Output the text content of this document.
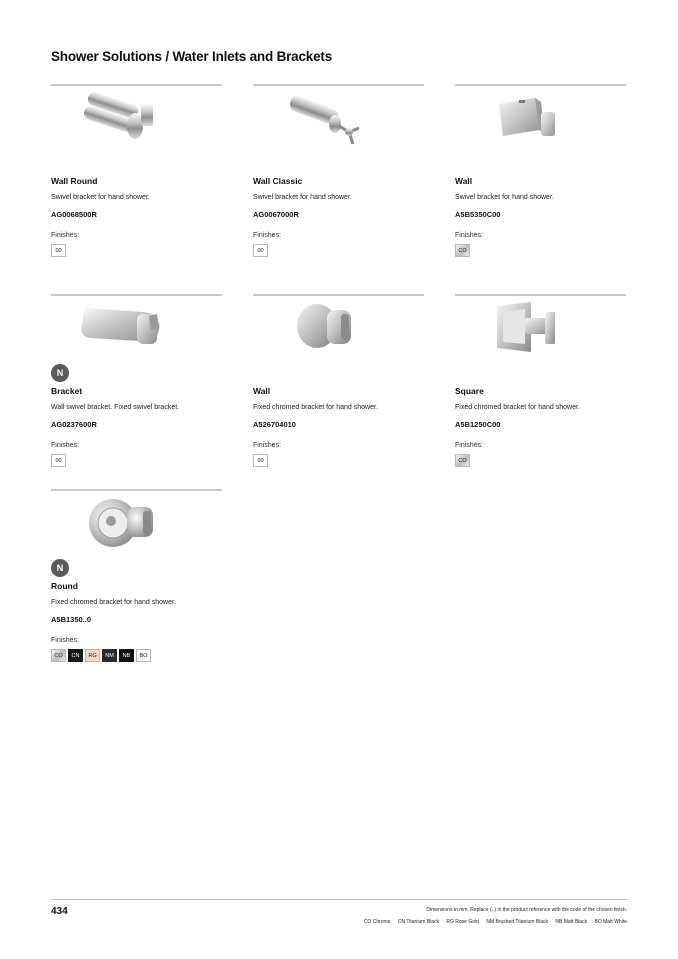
Shower Solutions / Water Inlets and Brackets
Wall Round
Swivel bracket for hand shower.
AG0068500R
Finishes:
00
Wall Classic
Swivel bracket for hand shower.
AG0067000R
Finishes:
00
Wall
Swivel bracket for hand shower.
A5B5350C00
Finishes:
CO
N
Bracket
Wall swivel bracket. Fixed swivel bracket.
AG0237600R
Finishes:
00
Wall
Fixed chromed bracket for hand shower.
A526704010
Finishes:
00
Square
Fixed chromed bracket for hand shower.
A5B1250C00
Finishes:
CO
N
Round
Fixed chromed bracket for hand shower.
A5B1350..0
Finishes:
CO	CN	RG	NM	NB	BO
434	Dimensions in mm. Replace (..) in the product reference with the code of the chosen finish.
CO Chrome CN Titanium Black RG Rose Gold NM Brushed Titanium Black NB Matt Black BO Matt White
